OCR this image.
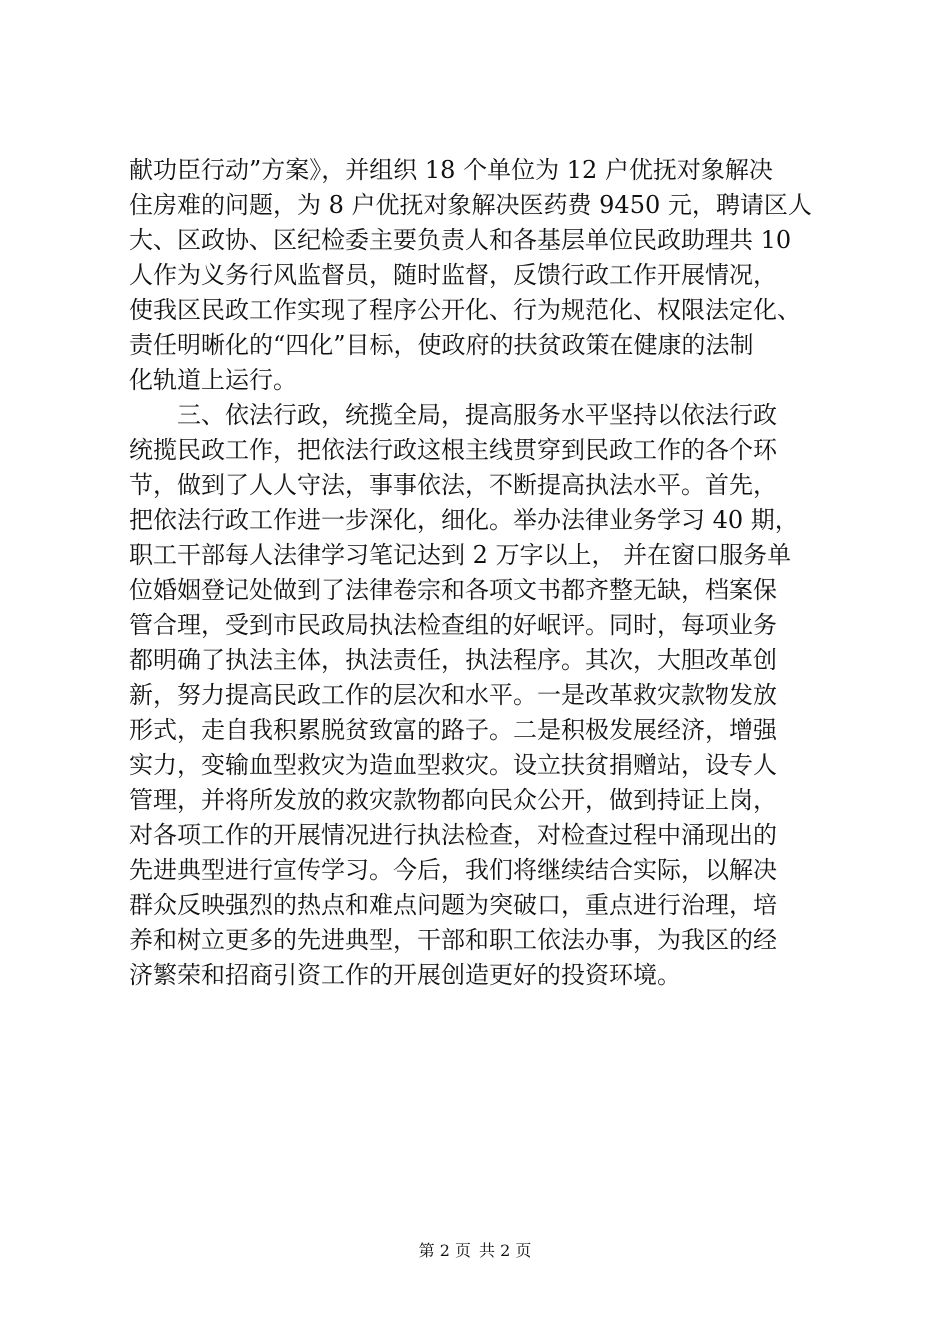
献功臣行动”方案》，并组织 18 个单位为 12 户优抚对象解决
住房难的问题，为 8 户优抚对象解决医药费 9450 元，聘请区人
大、区政协、区纪检委主要负责人和各基层单位民政助理共 10
人作为义务行风监督员，随时监督，反馈行政工作开展情况，
使我区民政工作实现了程序公开化、行为规范化、权限法定化、
责任明晰化的“四化”目标，使政府的扶贫政策在健康的法制
化轨道上运行。
　　三、依法行政，统揽全局，提高服务水平坚持以依法行政
统揽民政工作，把依法行政这根主线贯穿到民政工作的各个环
节，做到了人人守法，事事依法，不断提高执法水平。首先，
把依法行政工作进一步深化，细化。举办法律业务学习 40 期，
职工干部每人法律学习笔记达到 2 万字以上， 并在窗口服务单
位婚姻登记处做到了法律卷宗和各项文书都齐整无缺，档案保
管合理，受到市民政局执法检查组的好岷评。同时，每项业务
都明确了执法主体，执法责任，执法程序。其次，大胆改革创
新，努力提高民政工作的层次和水平。一是改革救灾款物发放
形式，走自我积累脱贫致富的路子。二是积极发展经济，增强
实力，变输血型救灾为造血型救灾。设立扶贫捐赠站，设专人
管理，并将所发放的救灾款物都向民众公开，做到持证上岗，
对各项工作的开展情况进行执法检查，对检查过程中涌现出的
先进典型进行宣传学习。今后，我们将继续结合实际，以解决
群众反映强烈的热点和难点问题为突破口，重点进行治理，培
养和树立更多的先进典型，干部和职工依法办事，为我区的经
济繁荣和招商引资工作的开展创造更好的投资环境。
第 2 页 共 2 页
